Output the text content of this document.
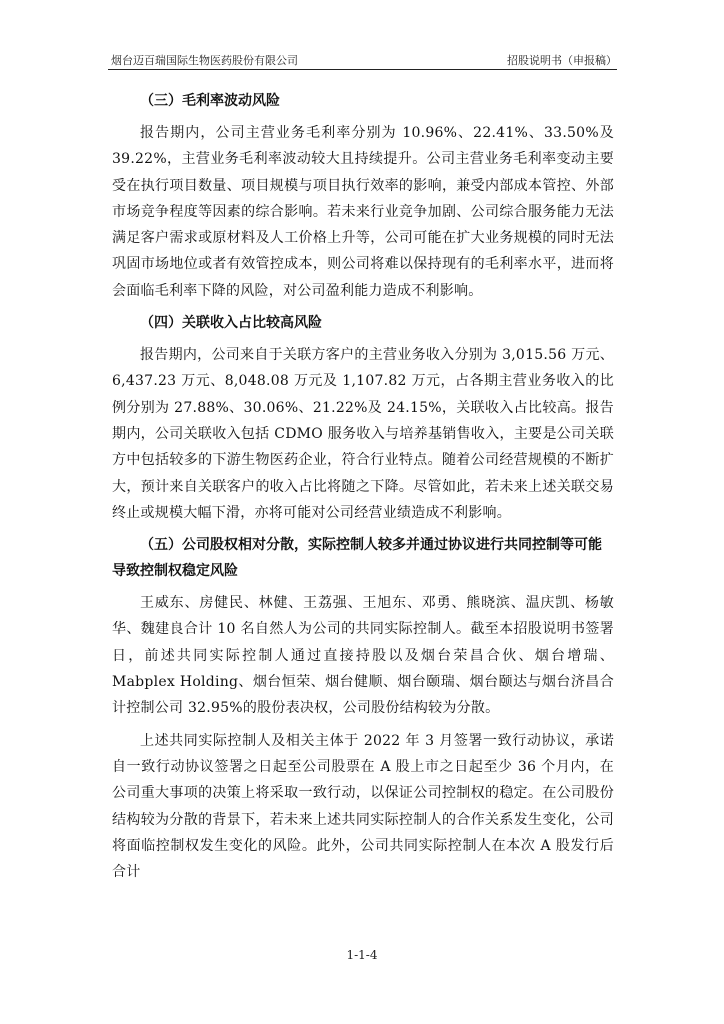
烟台迈百瑞国际生物医药股份有限公司	招股说明书（申报稿）

（三）毛利率波动风险

报告期内，公司主营业务毛利率分别为 10.96%、22.41%、33.50%及 39.22%，主营业务毛利率波动较大且持续提升。公司主营业务毛利率变动主要受在执行项目数量、项目规模与项目执行效率的影响，兼受内部成本管控、外部市场竞争程度等因素的综合影响。若未来行业竞争加剧、公司综合服务能力无法满足客户需求或原材料及人工价格上升等，公司可能在扩大业务规模的同时无法巩固市场地位或者有效管控成本，则公司将难以保持现有的毛利率水平，进而将会面临毛利率下降的风险，对公司盈利能力造成不利影响。

（四）关联收入占比较高风险

报告期内，公司来自于关联方客户的主营业务收入分别为 3,015.56 万元、6,437.23 万元、8,048.08 万元及 1,107.82 万元，占各期主营业务收入的比例分别为 27.88%、30.06%、21.22%及 24.15%，关联收入占比较高。报告期内，公司关联收入包括 CDMO 服务收入与培养基销售收入，主要是公司关联方中包括较多的下游生物医药企业，符合行业特点。随着公司经营规模的不断扩大，预计来自关联客户的收入占比将随之下降。尽管如此，若未来上述关联交易终止或规模大幅下滑，亦将可能对公司经营业绩造成不利影响。

（五）公司股权相对分散，实际控制人较多并通过协议进行共同控制等可能导致控制权稳定风险

王威东、房健民、林健、王荔强、王旭东、邓勇、熊晓滨、温庆凯、杨敏华、魏建良合计 10 名自然人为公司的共同实际控制人。截至本招股说明书签署日，前述共同实际控制人通过直接持股以及烟台荣昌合伙、烟台增瑞、Mabplex Holding、烟台恒荣、烟台健顺、烟台颐瑞、烟台颐达与烟台济昌合计控制公司 32.95%的股份表决权，公司股份结构较为分散。

上述共同实际控制人及相关主体于 2022 年 3 月签署一致行动协议，承诺自一致行动协议签署之日起至公司股票在 A 股上市之日起至少 36 个月内，在公司重大事项的决策上将采取一致行动，以保证公司控制权的稳定。在公司股份结构较为分散的背景下，若未来上述共同实际控制人的合作关系发生变化，公司将面临控制权发生变化的风险。此外，公司共同实际控制人在本次 A 股发行后合计

1-1-4
